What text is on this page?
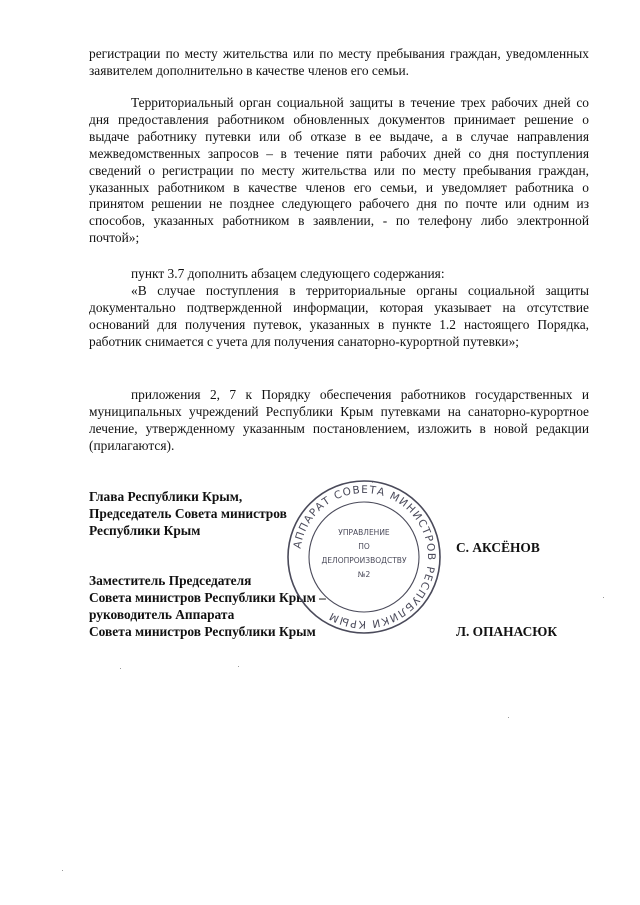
регистрации по месту жительства или по месту пребывания граждан, уведомленных заявителем дополнительно в качестве членов его семьи.

Территориальный орган социальной защиты в течение трех рабочих дней со дня предоставления работником обновленных документов принимает решение о выдаче работнику путевки или об отказе в ее выдаче, а в случае направления межведомственных запросов – в течение пяти рабочих дней со дня поступления сведений о регистрации по месту жительства или по месту пребывания граждан, указанных работником в качестве членов его семьи, и уведомляет работника о принятом решении не позднее следующего рабочего дня по почте или одним из способов, указанных работником в заявлении, - по телефону либо электронной почтой»;

пункт 3.7 дополнить абзацем следующего содержания:

«В случае поступления в территориальные органы социальной защиты документально подтвержденной информации, которая указывает на отсутствие оснований для получения путевок, указанных в пункте 1.2 настоящего Порядка, работник снимается с учета для получения санаторно-курортной путевки»;

приложения 2, 7 к Порядку обеспечения работников государственных и муниципальных учреждений Республики Крым путевками на санаторно-курортное лечение, утвержденному указанным постановлением, изложить в новой редакции (прилагаются).

Глава Республики Крым,
Председатель Совета министров
Республики Крым
С. АКСЁНОВ
Заместитель Председателя
Совета министров Республики Крым –
руководитель Аппарата
Совета министров Республики Крым	Л. ОПАНАСЮК
АППАРАТ СОВЕТА МИНИСТРОВ РЕСПУБЛИКИ КРЫМ
УПРАВЛЕНИЕ
ПО
ДЕЛОПРОИЗВОДСТВУ
№2
